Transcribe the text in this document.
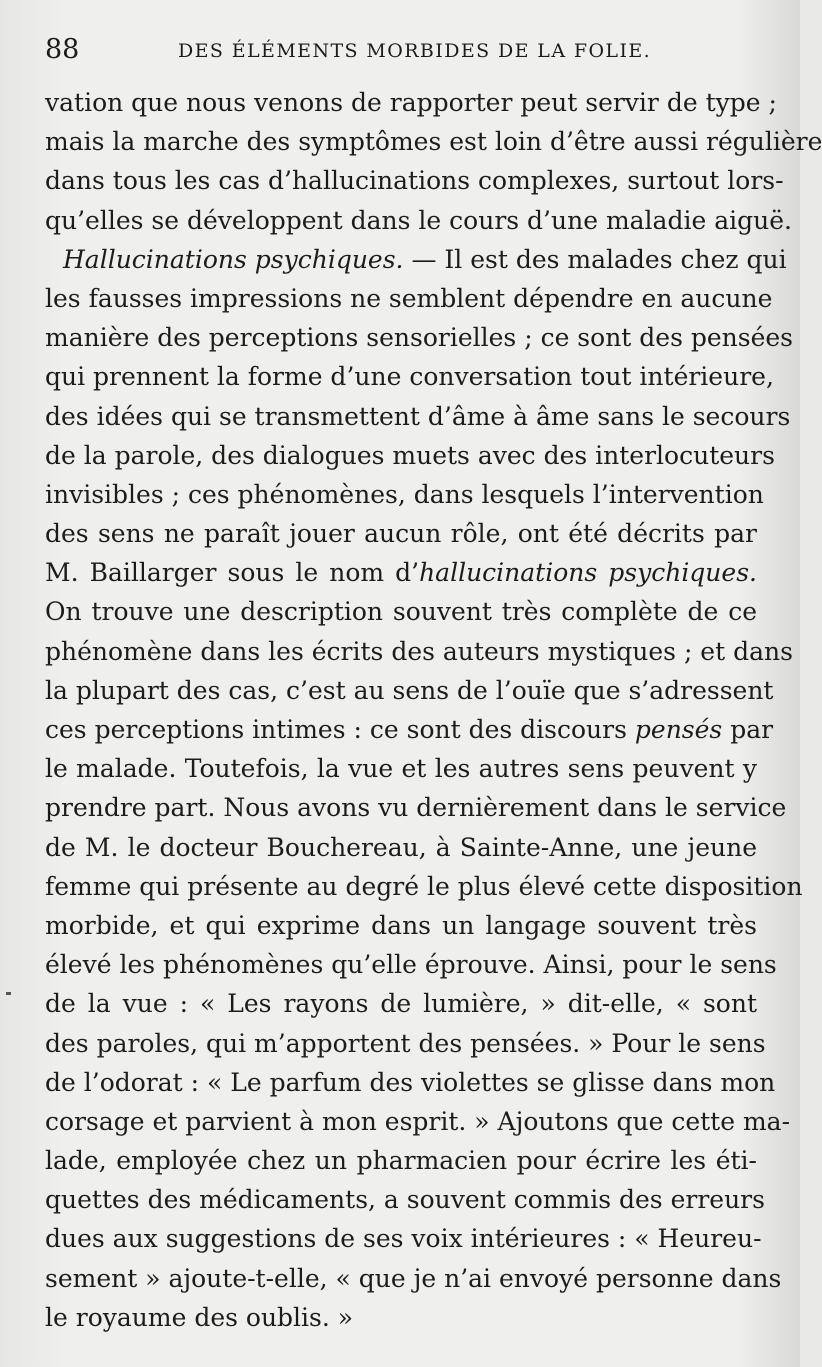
88	DES ÉLÉMENTS MORBIDES DE LA FOLIE.
vation que nous venons de rapporter peut servir de type ;
mais la marche des symptômes est loin d’être aussi régulière
dans tous les cas d’hallucinations complexes, surtout lors-
qu’elles se développent dans le cours d’une maladie aiguë.
Hallucinations psychiques. — Il est des malades chez qui
les fausses impressions ne semblent dépendre en aucune
manière des perceptions sensorielles ; ce sont des pensées
qui prennent la forme d’une conversation tout intérieure,
des idées qui se transmettent d’âme à âme sans le secours
de la parole, des dialogues muets avec des interlocuteurs
invisibles ; ces phénomènes, dans lesquels l’intervention
des sens ne paraît jouer aucun rôle, ont été décrits par
M. Baillarger sous le nom d’hallucinations psychiques.
On trouve une description souvent très complète de ce
phénomène dans les écrits des auteurs mystiques ; et dans
la plupart des cas, c’est au sens de l’ouïe que s’adressent
ces perceptions intimes : ce sont des discours pensés par
le malade. Toutefois, la vue et les autres sens peuvent y
prendre part. Nous avons vu dernièrement dans le service
de M. le docteur Bouchereau, à Sainte-Anne, une jeune
femme qui présente au degré le plus élevé cette disposition
morbide, et qui exprime dans un langage souvent très
élevé les phénomènes qu’elle éprouve. Ainsi, pour le sens
de la vue : « Les rayons de lumière, » dit-elle, « sont
des paroles, qui m’apportent des pensées. » Pour le sens
de l’odorat : « Le parfum des violettes se glisse dans mon
corsage et parvient à mon esprit. » Ajoutons que cette ma-
lade, employée chez un pharmacien pour écrire les éti-
quettes des médicaments, a souvent commis des erreurs
dues aux suggestions de ses voix intérieures : « Heureu-
sement » ajoute-t-elle, « que je n’ai envoyé personne dans
le royaume des oublis. »
